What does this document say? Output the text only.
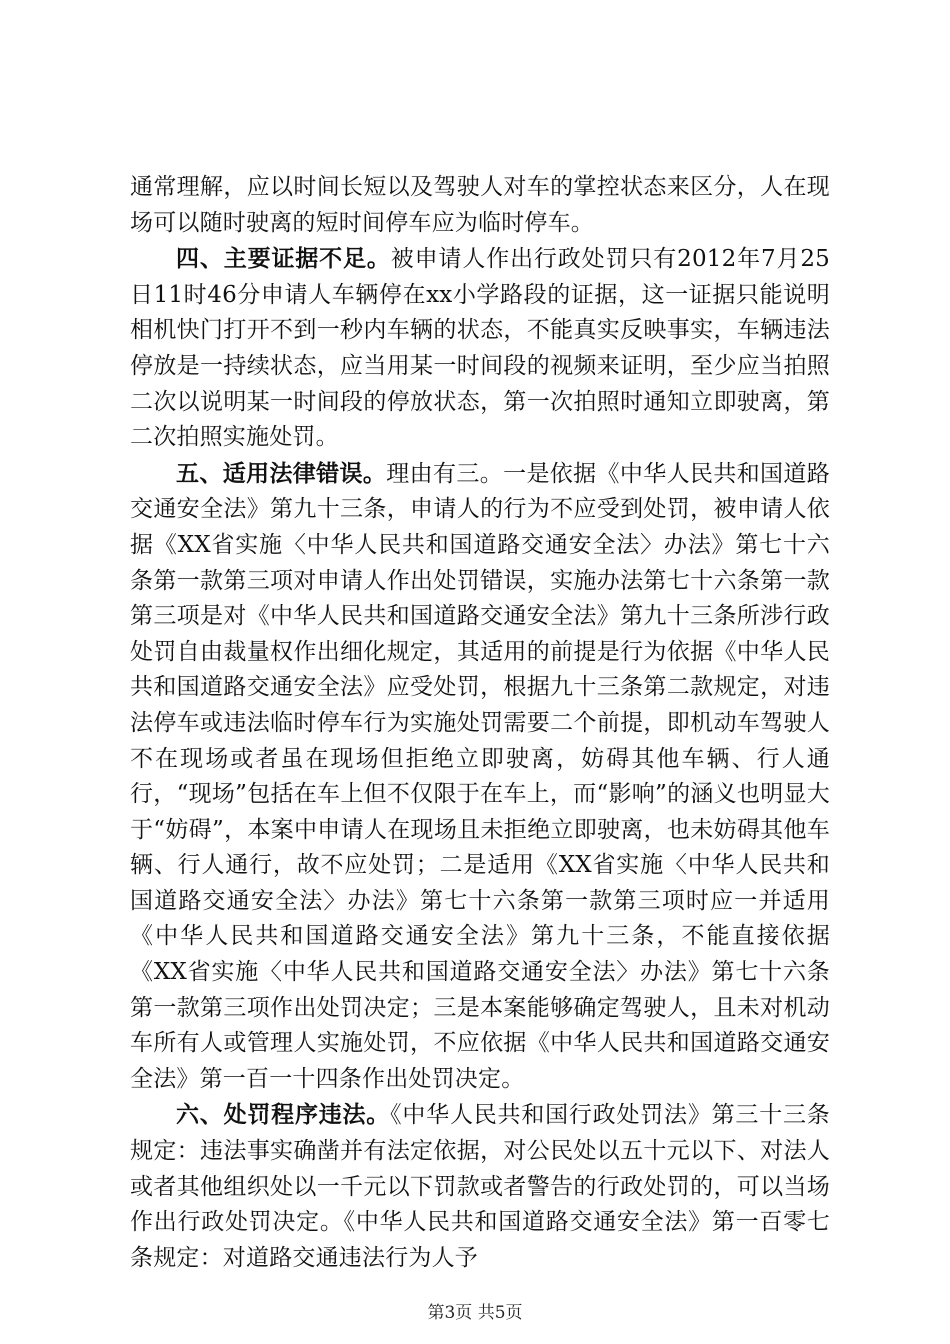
通常理解，应以时间长短以及驾驶人对车的掌控状态来区分，人在现场可以随时驶离的短时间停车应为临时停车。

四、主要证据不足。被申请人作出行政处罚只有2012年7月25日11时46分申请人车辆停在xx小学路段的证据，这一证据只能说明相机快门打开不到一秒内车辆的状态，不能真实反映事实，车辆违法停放是一持续状态，应当用某一时间段的视频来证明，至少应当拍照二次以说明某一时间段的停放状态，第一次拍照时通知立即驶离，第二次拍照实施处罚。

五、适用法律错误。理由有三。一是依据《中华人民共和国道路交通安全法》第九十三条，申请人的行为不应受到处罚，被申请人依据《XX省实施〈中华人民共和国道路交通安全法〉办法》第七十六条第一款第三项对申请人作出处罚错误，实施办法第七十六条第一款第三项是对《中华人民共和国道路交通安全法》第九十三条所涉行政处罚自由裁量权作出细化规定，其适用的前提是行为依据《中华人民共和国道路交通安全法》应受处罚，根据九十三条第二款规定，对违法停车或违法临时停车行为实施处罚需要二个前提，即机动车驾驶人不在现场或者虽在现场但拒绝立即驶离，妨碍其他车辆、行人通行，“现场”包括在车上但不仅限于在车上，而“影响”的涵义也明显大于“妨碍”，本案中申请人在现场且未拒绝立即驶离，也未妨碍其他车辆、行人通行，故不应处罚；二是适用《XX省实施〈中华人民共和国道路交通安全法〉办法》第七十六条第一款第三项时应一并适用《中华人民共和国道路交通安全法》第九十三条，不能直接依据《XX省实施〈中华人民共和国道路交通安全法〉办法》第七十六条第一款第三项作出处罚决定；三是本案能够确定驾驶人，且未对机动车所有人或管理人实施处罚，不应依据《中华人民共和国道路交通安全法》第一百一十四条作出处罚决定。

六、处罚程序违法。《中华人民共和国行政处罚法》第三十三条规定：违法事实确凿并有法定依据，对公民处以五十元以下、对法人或者其他组织处以一千元以下罚款或者警告的行政处罚的，可以当场作出行政处罚决定。《中华人民共和国道路交通安全法》第一百零七条规定：对道路交通违法行为人予

第3页 共5页
